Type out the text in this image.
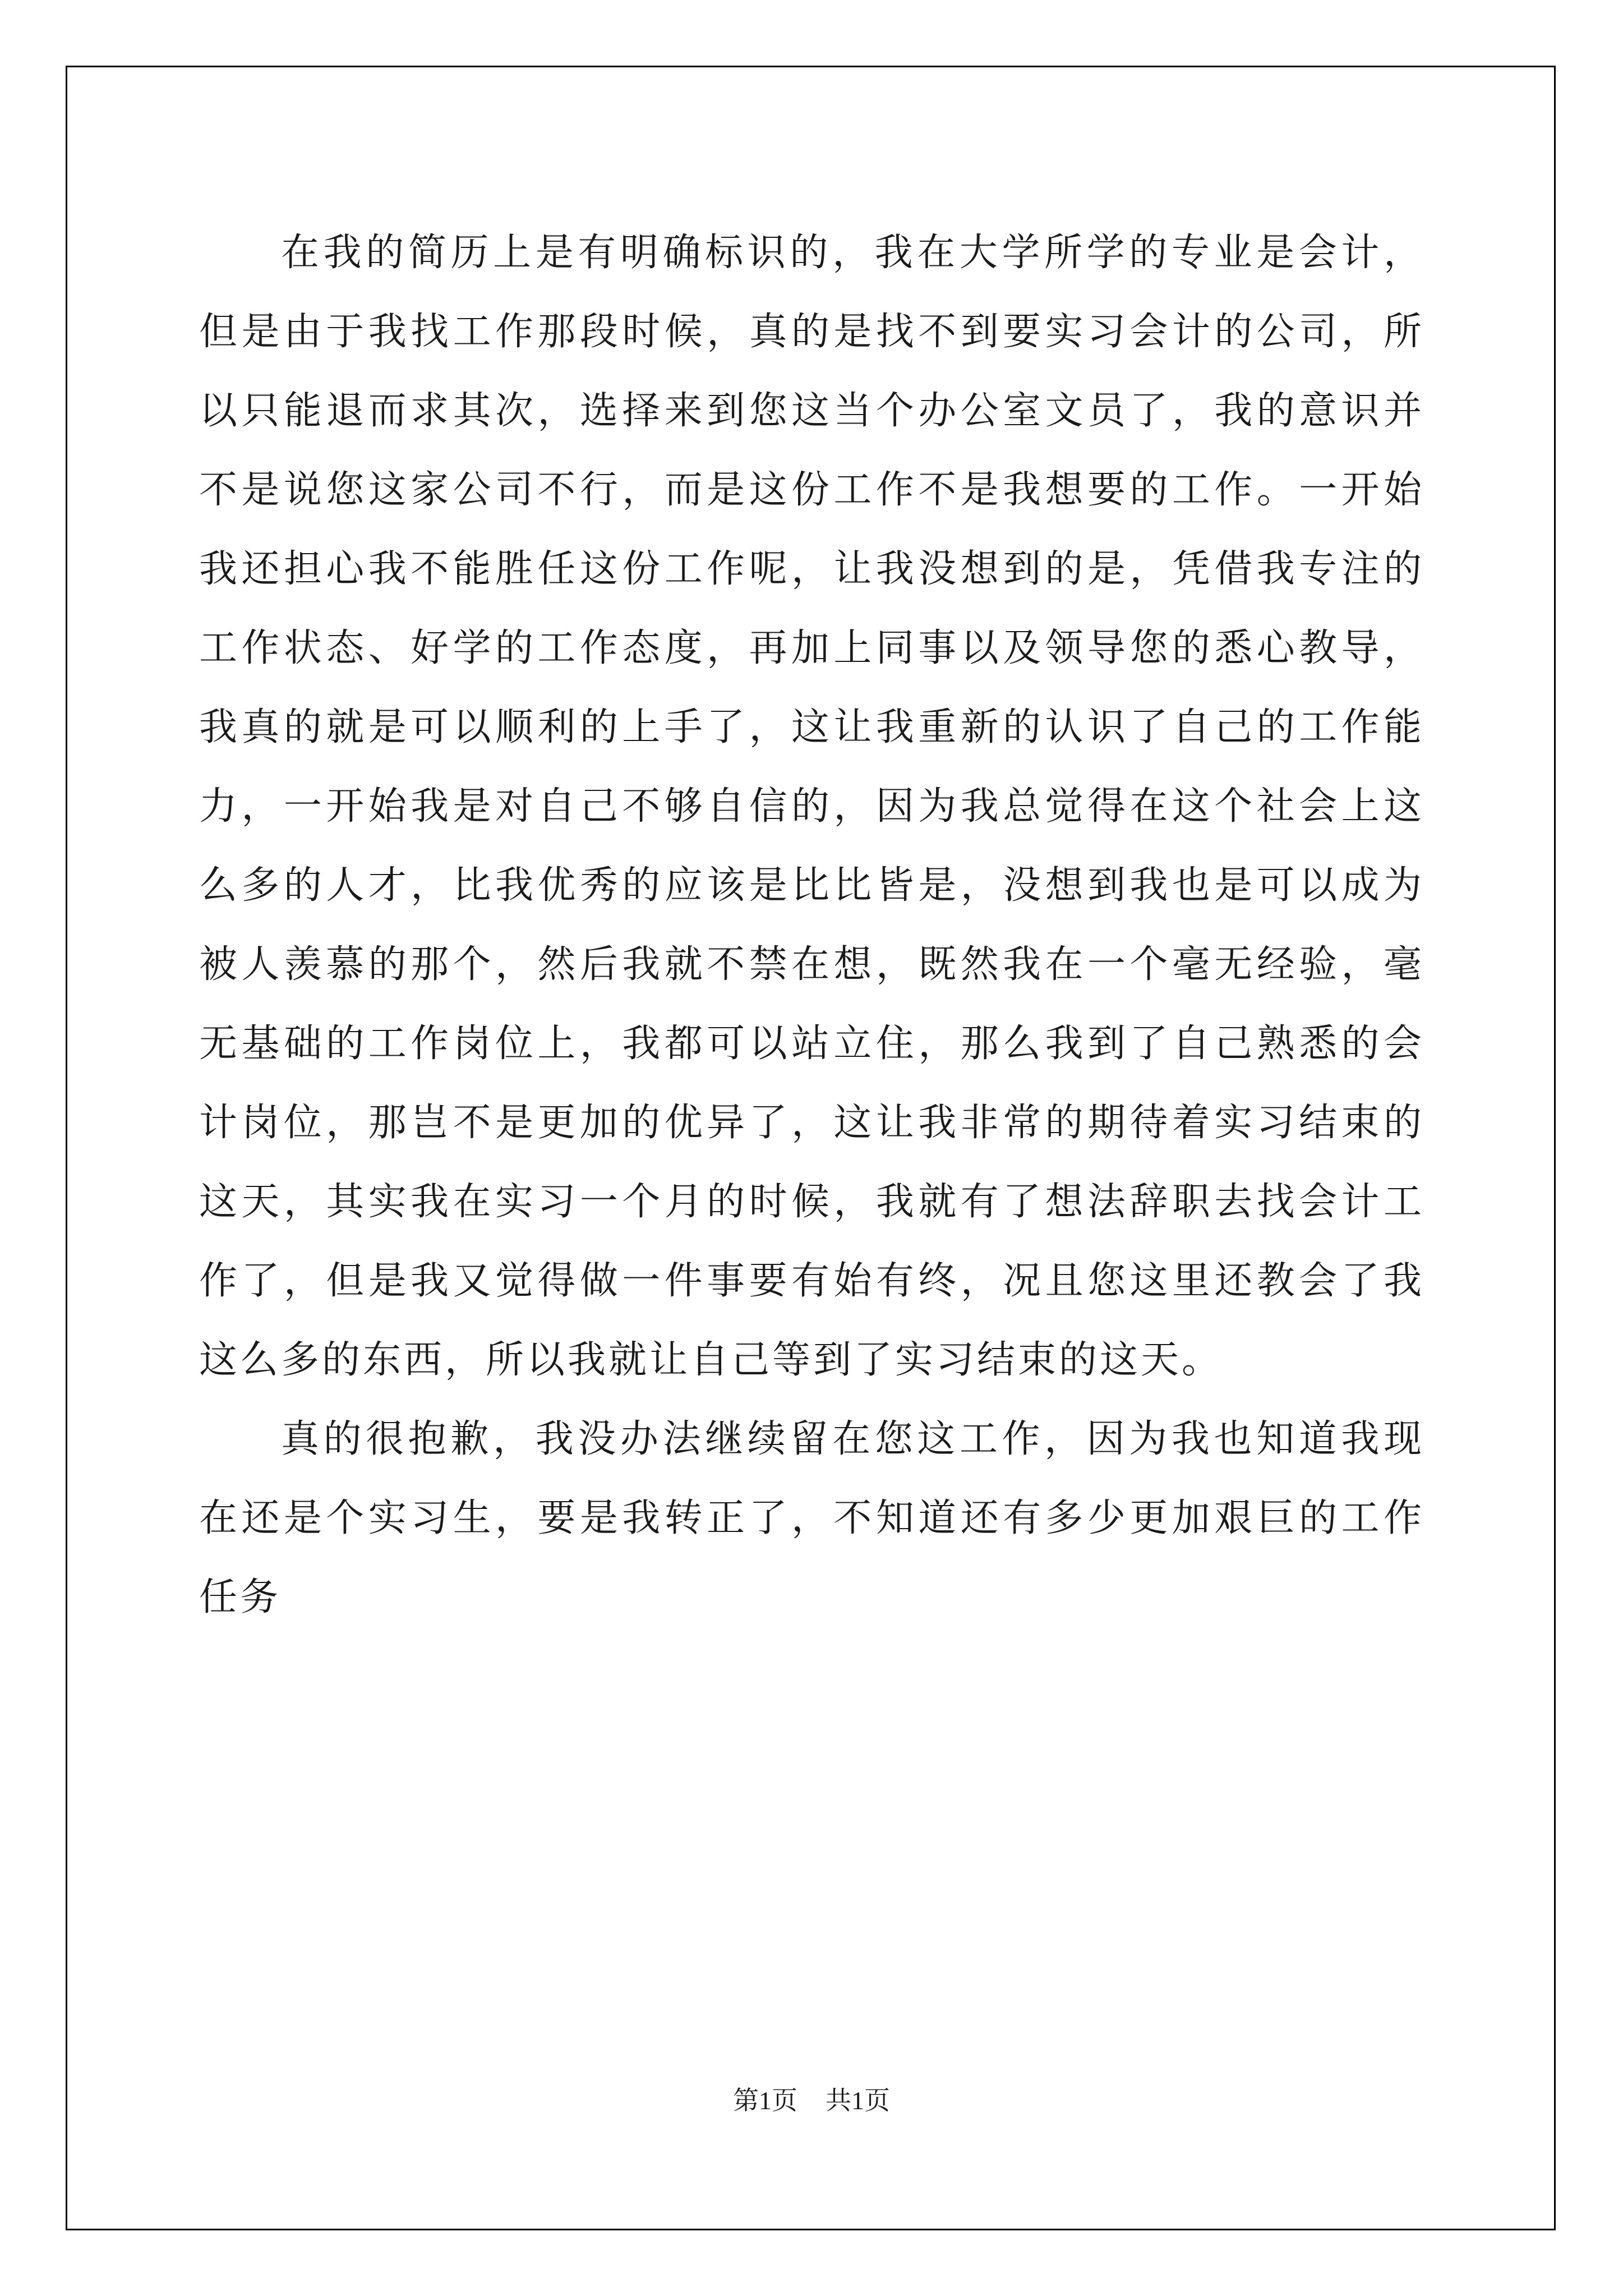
在我的简历上是有明确标识的，我在大学所学的专业是会计，但是由于我找工作那段时候，真的是找不到要实习会计的公司，所以只能退而求其次，选择来到您这当个办公室文员了，我的意识并不是说您这家公司不行，而是这份工作不是我想要的工作。一开始我还担心我不能胜任这份工作呢，让我没想到的是，凭借我专注的工作状态、好学的工作态度，再加上同事以及领导您的悉心教导，我真的就是可以顺利的上手了，这让我重新的认识了自己的工作能力，一开始我是对自己不够自信的，因为我总觉得在这个社会上这么多的人才，比我优秀的应该是比比皆是，没想到我也是可以成为被人羡慕的那个，然后我就不禁在想，既然我在一个毫无经验，毫无基础的工作岗位上，我都可以站立住，那么我到了自己熟悉的会计岗位，那岂不是更加的优异了，这让我非常的期待着实习结束的这天，其实我在实习一个月的时候，我就有了想法辞职去找会计工作了，但是我又觉得做一件事要有始有终，况且您这里还教会了我这么多的东西，所以我就让自己等到了实习结束的这天。

真的很抱歉，我没办法继续留在您这工作，因为我也知道我现在还是个实习生，要是我转正了，不知道还有多少更加艰巨的工作任务

第1页 共1页
